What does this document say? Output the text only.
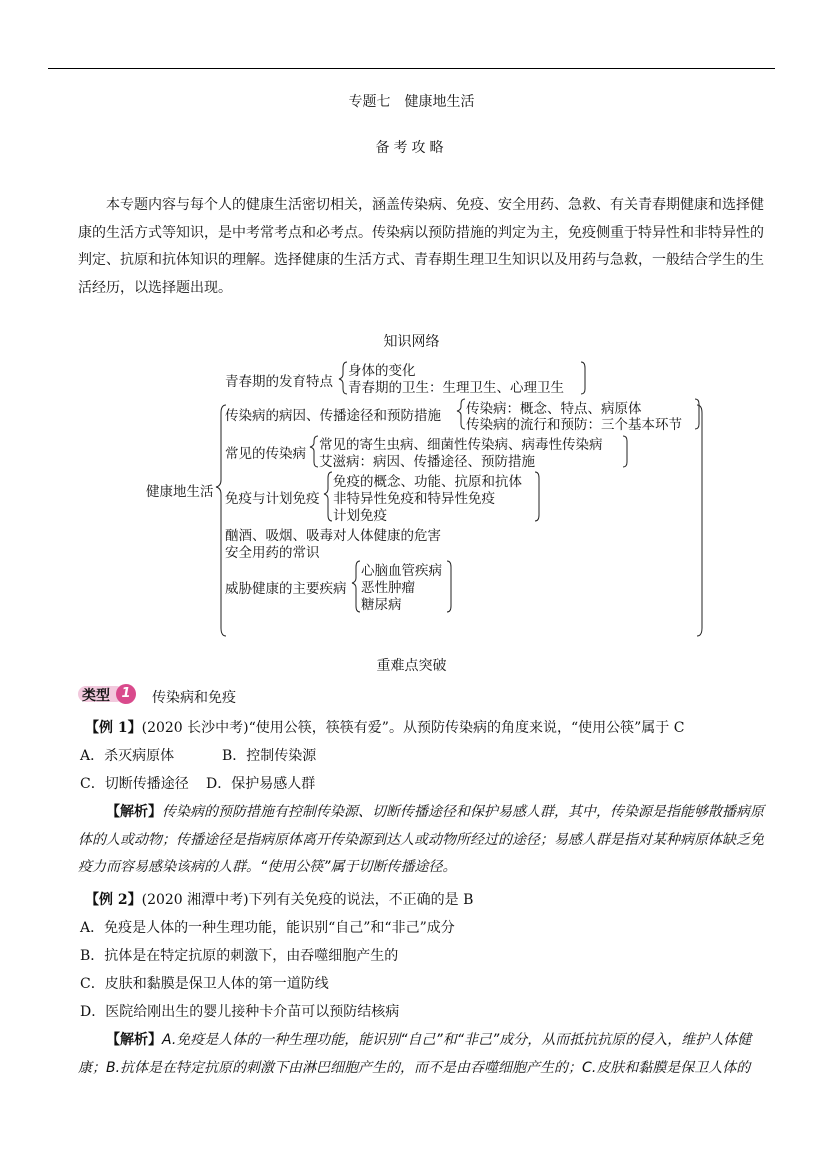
专题七　健康地生活
备考攻略
本专题内容与每个人的健康生活密切相关，涵盖传染病、免疫、安全用药、急救、有关青春期健康和选择健康的生活方式等知识，是中考常考点和必考点。传染病以预防措施的判定为主，免疫侧重于特异性和非特异性的判定、抗原和抗体知识的理解。选择健康的生活方式、青春期生理卫生知识以及用药与急救，一般结合学生的生活经历，以选择题出现。
知识网络
健康地生活
青春期的发育特点
身体的变化
青春期的卫生：生理卫生、心理卫生
传染病的病因、传播途径和预防措施 传染病：概念、特点、病原体
传染病的流行和预防：三个基本环节
常见的传染病
常见的寄生虫病、细菌性传染病、病毒性传染病
艾滋病：病因、传播途径、预防措施
免疫与计划免疫
免疫的概念、功能、抗原和抗体
非特异性免疫和特异性免疫
计划免疫
酗酒、吸烟、吸毒对人体健康的危害
安全用药的常识
威胁健康的主要疾病
心脑血管疾病
恶性肿瘤
糖尿病
重难点突破
类型 1	传染病和免疫
【例 1】(2020 长沙中考)“使用公筷，筷筷有爱”。从预防传染病的角度来说，“使用公筷”属于 C
A．杀灭病原体	B．控制传染源
C．切断传播途径 D．保护易感人群
【解析】传染病的预防措施有控制传染源、切断传播途径和保护易感人群，其中，传染源是指能够散播病原体的人或动物；传播途径是指病原体离开传染源到达人或动物所经过的途径；易感人群是指对某种病原体缺乏免疫力而容易感染该病的人群。“使用公筷”属于切断传播途径。
【例 2】(2020 湘潭中考)下列有关免疫的说法，不正确的是 B
A．免疫是人体的一种生理功能，能识别“自己”和“非己”成分
B．抗体是在特定抗原的刺激下，由吞噬细胞产生的
C．皮肤和黏膜是保卫人体的第一道防线
D．医院给刚出生的婴儿接种卡介苗可以预防结核病
【解析】A.免疫是人体的一种生理功能，能识别“自己”和“非己”成分，从而抵抗抗原的侵入，维护人体健康；B.抗体是在特定抗原的刺激下由淋巴细胞产生的，而不是由吞噬细胞产生的；C.皮肤和黏膜是保卫人体的
